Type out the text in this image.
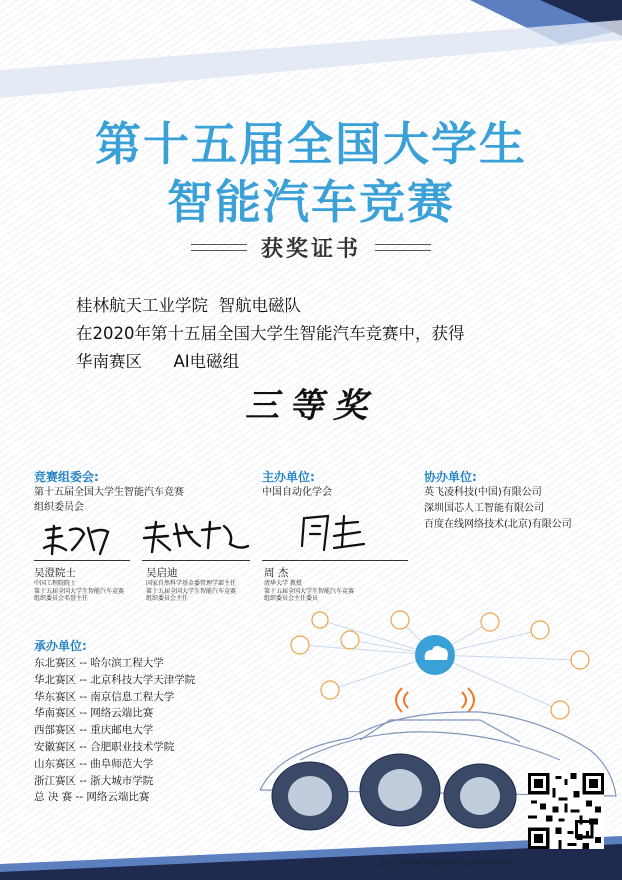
第十五届全国大学生
智能汽车竞赛
获奖证书
桂林航天工业学院  智航电磁队
在2020年第十五届全国大学生智能汽车竞赛中，获得
华南赛区      AI电磁组
三等奖
竞赛组委会:
第十五届全国大学生智能汽车竞赛
组织委员会
吴澄院士
中国工程院院士
第十五届全国大学生智能汽车竞赛
组织委员会名誉主任
吴启迪
国家自然科学基金委管理学部主任
第十五届全国大学生智能汽车竞赛
组织委员会主任
主办单位:
中国自动化学会
周 杰
清华大学 教授
第十五届全国大学生智能汽车竞赛
组织委员会主任委员
协办单位:
英飞凌科技(中国)有限公司
深圳国芯人工智能有限公司
百度在线网络技术(北京)有限公司
承办单位:
东北赛区 -- 哈尔滨工程大学
华北赛区 -- 北京科技大学天津学院
华东赛区 -- 南京信息工程大学
华南赛区 -- 网络云端比赛
西部赛区 -- 重庆邮电大学
安徽赛区 -- 合肥职业技术学院
山东赛区 -- 曲阜师范大学
浙江赛区 -- 浙大城市学院
总 决 赛 -- 网络云端比赛
第十五届全国大学生智能汽车竞赛官方网站
